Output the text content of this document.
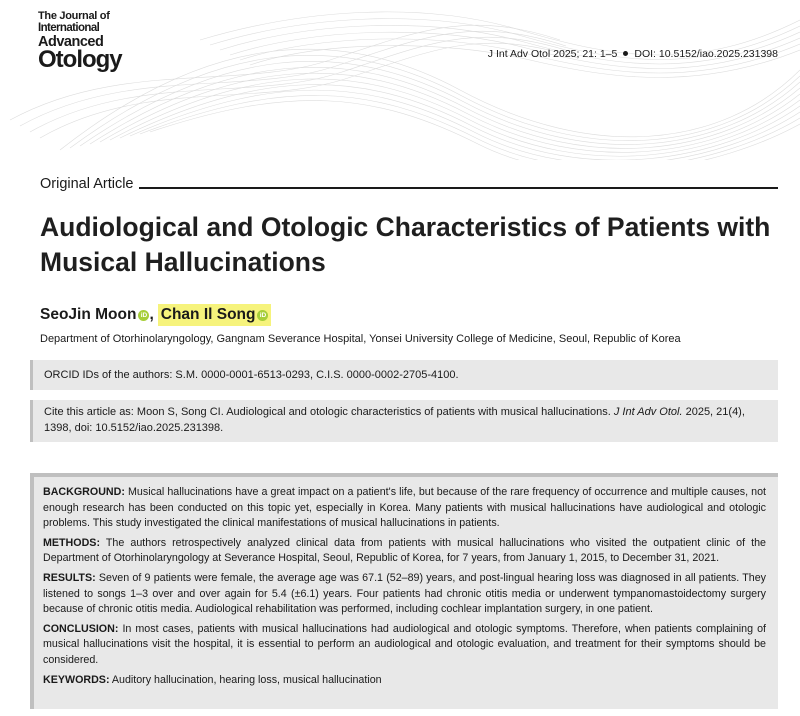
The Journal of
International
Advanced
Otology	J Int Adv Otol 2025; 21: 1–5 DOI: 10.5152/iao.2025.231398
Original Article
Audiological and Otologic Characteristics of Patients with Musical Hallucinations
SeoJin Moon iD , Chan Il Song iD
Department of Otorhinolaryngology, Gangnam Severance Hospital, Yonsei University College of Medicine, Seoul, Republic of Korea
ORCID IDs of the authors: S.M. 0000-0001-6513-0293, C.I.S. 0000-0002-2705-4100.
Cite this article as: Moon S, Song CI. Audiological and otologic characteristics of patients with musical hallucinations. J Int Adv Otol. 2025, 21(4), 1398, doi: 10.5152/iao.2025.231398.

BACKGROUND: Musical hallucinations have a great impact on a patient's life, but because of the rare frequency of occurrence and multiple causes, not enough research has been conducted on this topic yet, especially in Korea. Many patients with musical hallucinations have audiological and otologic problems. This study investigated the clinical manifestations of musical hallucinations in patients.

METHODS: The authors retrospectively analyzed clinical data from patients with musical hallucinations who visited the outpatient clinic of the Department of Otorhinolaryngology at Severance Hospital, Seoul, Republic of Korea, for 7 years, from January 1, 2015, to December 31, 2021.

RESULTS: Seven of 9 patients were female, the average age was 67.1 (52–89) years, and post-lingual hearing loss was diagnosed in all patients. They listened to songs 1–3 over and over again for 5.4 (±6.1) years. Four patients had chronic otitis media or underwent tympanomastoidectomy surgery because of chronic otitis media. Audiological rehabilitation was performed, including cochlear implantation surgery, in one patient.

CONCLUSION: In most cases, patients with musical hallucinations had audiological and otologic symptoms. Therefore, when patients complaining of musical hallucinations visit the hospital, it is essential to perform an audiological and otologic evaluation, and treatment for their symptoms should be considered.

KEYWORDS: Auditory hallucination, hearing loss, musical hallucination
